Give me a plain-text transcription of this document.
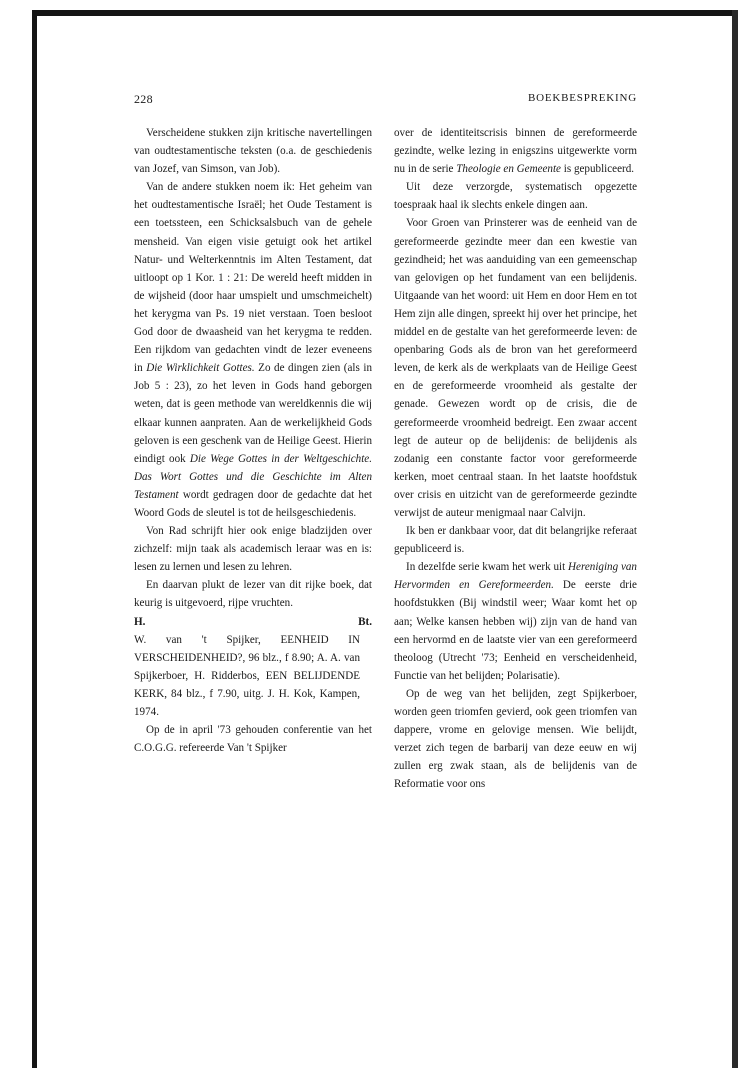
228	BOEKBESPREKING

Verscheidene stukken zijn kritische navertellingen van oudtestamentische teksten (o.a. de geschiedenis van Jozef, van Simson, van Job).

Van de andere stukken noem ik: Het geheim van het oudtestamentische Israël; het Oude Testament is een toetssteen, een Schicksalsbuch van de gehele mensheid. Van eigen visie getuigt ook het artikel Natur- und Welterkenntnis im Alten Testament, dat uitloopt op 1 Kor. 1 : 21: De wereld heeft midden in de wijsheid (door haar umspielt und umschmeichelt) het kerygma van Ps. 19 niet verstaan. Toen besloot God door de dwaasheid van het kerygma te redden. Een rijkdom van gedachten vindt de lezer eveneens in Die Wirklichkeit Gottes. Zo de dingen zien (als in Job 5 : 23), zo het leven in Gods hand geborgen weten, dat is geen methode van wereldkennis die wij elkaar kunnen aanpraten. Aan de werkelijkheid Gods geloven is een geschenk van de Heilige Geest. Hierin eindigt ook Die Wege Gottes in der Weltgeschichte. Das Wort Gottes und die Geschichte im Alten Testament wordt gedragen door de gedachte dat het Woord Gods de sleutel is tot de heilsgeschiedenis.

Von Rad schrijft hier ook enige bladzijden over zichzelf: mijn taak als academisch leraar was en is: lesen zu lernen und lesen zu lehren.

En daarvan plukt de lezer van dit rijke boek, dat keurig is uitgevoerd, rijpe vruchten.

H.	Bt.

W. van 't Spijker, EENHEID IN VERSCHEIDENHEID?, 96 blz., f 8.90; A. A. van Spijkerboer, H. Ridderbos, EEN BELIJDENDE KERK, 84 blz., f 7.90, uitg. J. H. Kok, Kampen, 1974.

Op de in april '73 gehouden conferentie van het C.O.G.G. refereerde Van 't Spijker

over de identiteitscrisis binnen de gereformeerde gezindte, welke lezing in enigszins uitgewerkte vorm nu in de serie Theologie en Gemeente is gepubliceerd.

Uit deze verzorgde, systematisch opgezette toespraak haal ik slechts enkele dingen aan.

Voor Groen van Prinsterer was de eenheid van de gereformeerde gezindte meer dan een kwestie van gezindheid; het was aanduiding van een gemeenschap van gelovigen op het fundament van een belijdenis. Uitgaande van het woord: uit Hem en door Hem en tot Hem zijn alle dingen, spreekt hij over het principe, het middel en de gestalte van het gereformeerde leven: de openbaring Gods als de bron van het gereformeerd leven, de kerk als de werkplaats van de Heilige Geest en de gereformeerde vroomheid als gestalte der genade. Gewezen wordt op de crisis, die de gereformeerde vroomheid bedreigt. Een zwaar accent legt de auteur op de belijdenis: de belijdenis als zodanig een constante factor voor gereformeerde kerken, moet centraal staan. In het laatste hoofdstuk over crisis en uitzicht van de gereformeerde gezindte verwijst de auteur menigmaal naar Calvijn.

Ik ben er dankbaar voor, dat dit belangrijke referaat gepubliceerd is.

In dezelfde serie kwam het werk uit Hereniging van Hervormden en Gereformeerden. De eerste drie hoofdstukken (Bij windstil weer; Waar komt het op aan; Welke kansen hebben wij) zijn van de hand van een hervormd en de laatste vier van een gereformeerd theoloog (Utrecht '73; Eenheid en verscheidenheid, Functie van het belijden; Polarisatie).

Op de weg van het belijden, zegt Spijkerboer, worden geen triomfen gevierd, ook geen triomfen van dappere, vrome en gelovige mensen. Wie belijdt, verzet zich tegen de barbarij van deze eeuw en wij zullen erg zwak staan, als de belijdenis van de Reformatie voor ons
